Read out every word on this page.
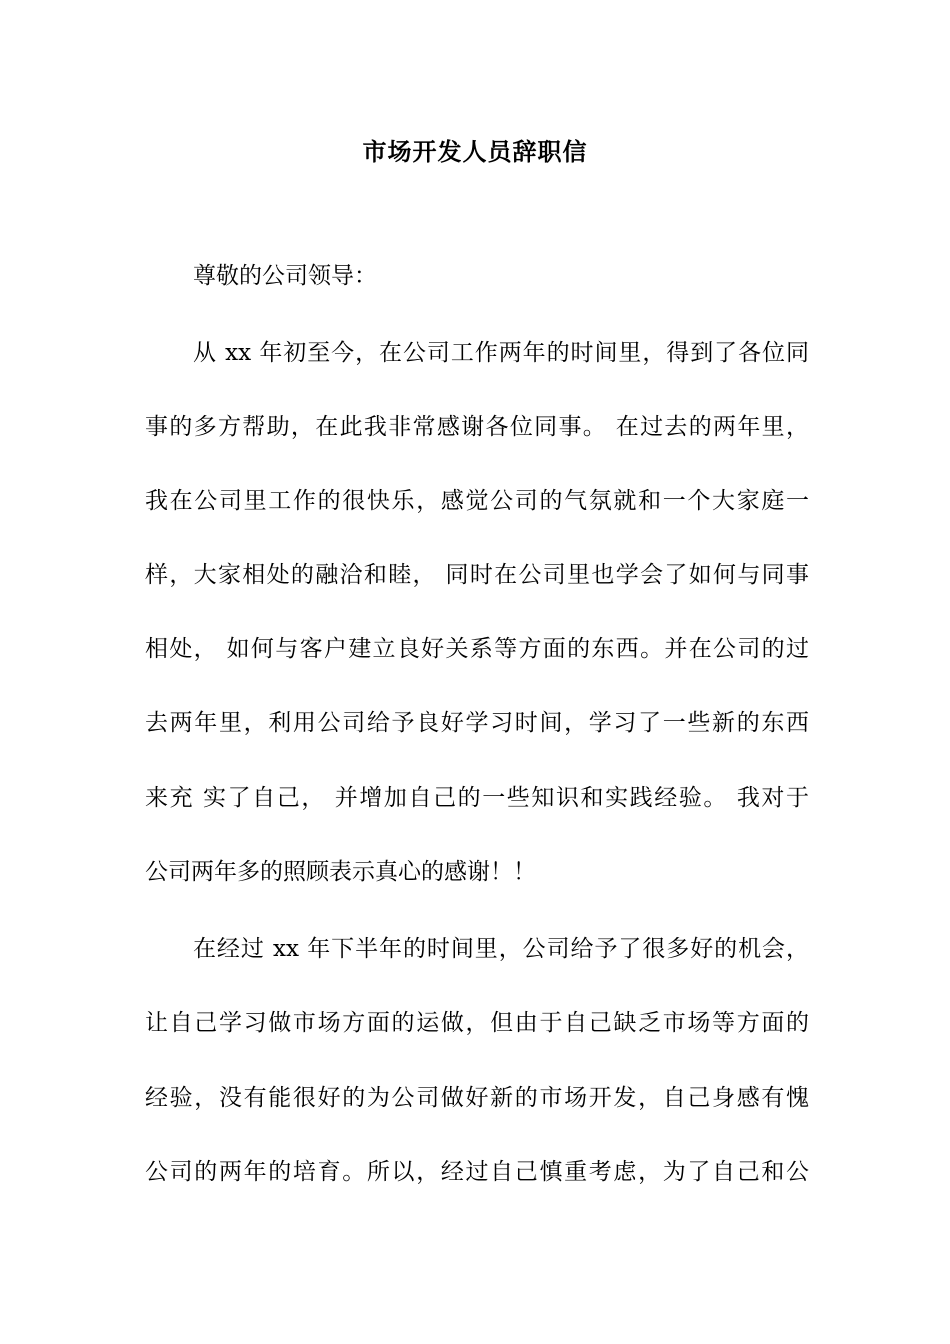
市场开发人员辞职信
尊敬的公司领导：
从 xx 年初至今，在公司工作两年的时间里，得到了各位同
事的多方帮助，在此我非常感谢各位同事。 在过去的两年里，
我在公司里工作的很快乐，感觉公司的气氛就和一个大家庭一
样，大家相处的融洽和睦， 同时在公司里也学会了如何与同事
相处， 如何与客户建立良好关系等方面的东西。并在公司的过
去两年里，利用公司给予良好学习时间，学习了一些新的东西
来充 实了自己， 并增加自己的一些知识和实践经验。 我对于
公司两年多的照顾表示真心的感谢！！
在经过 xx 年下半年的时间里，公司给予了很多好的机会，
让自己学习做市场方面的运做，但由于自己缺乏市场等方面的
经验，没有能很好的为公司做好新的市场开发，自己身感有愧
公司的两年的培育。所以，经过自己慎重考虑，为了自己和公
